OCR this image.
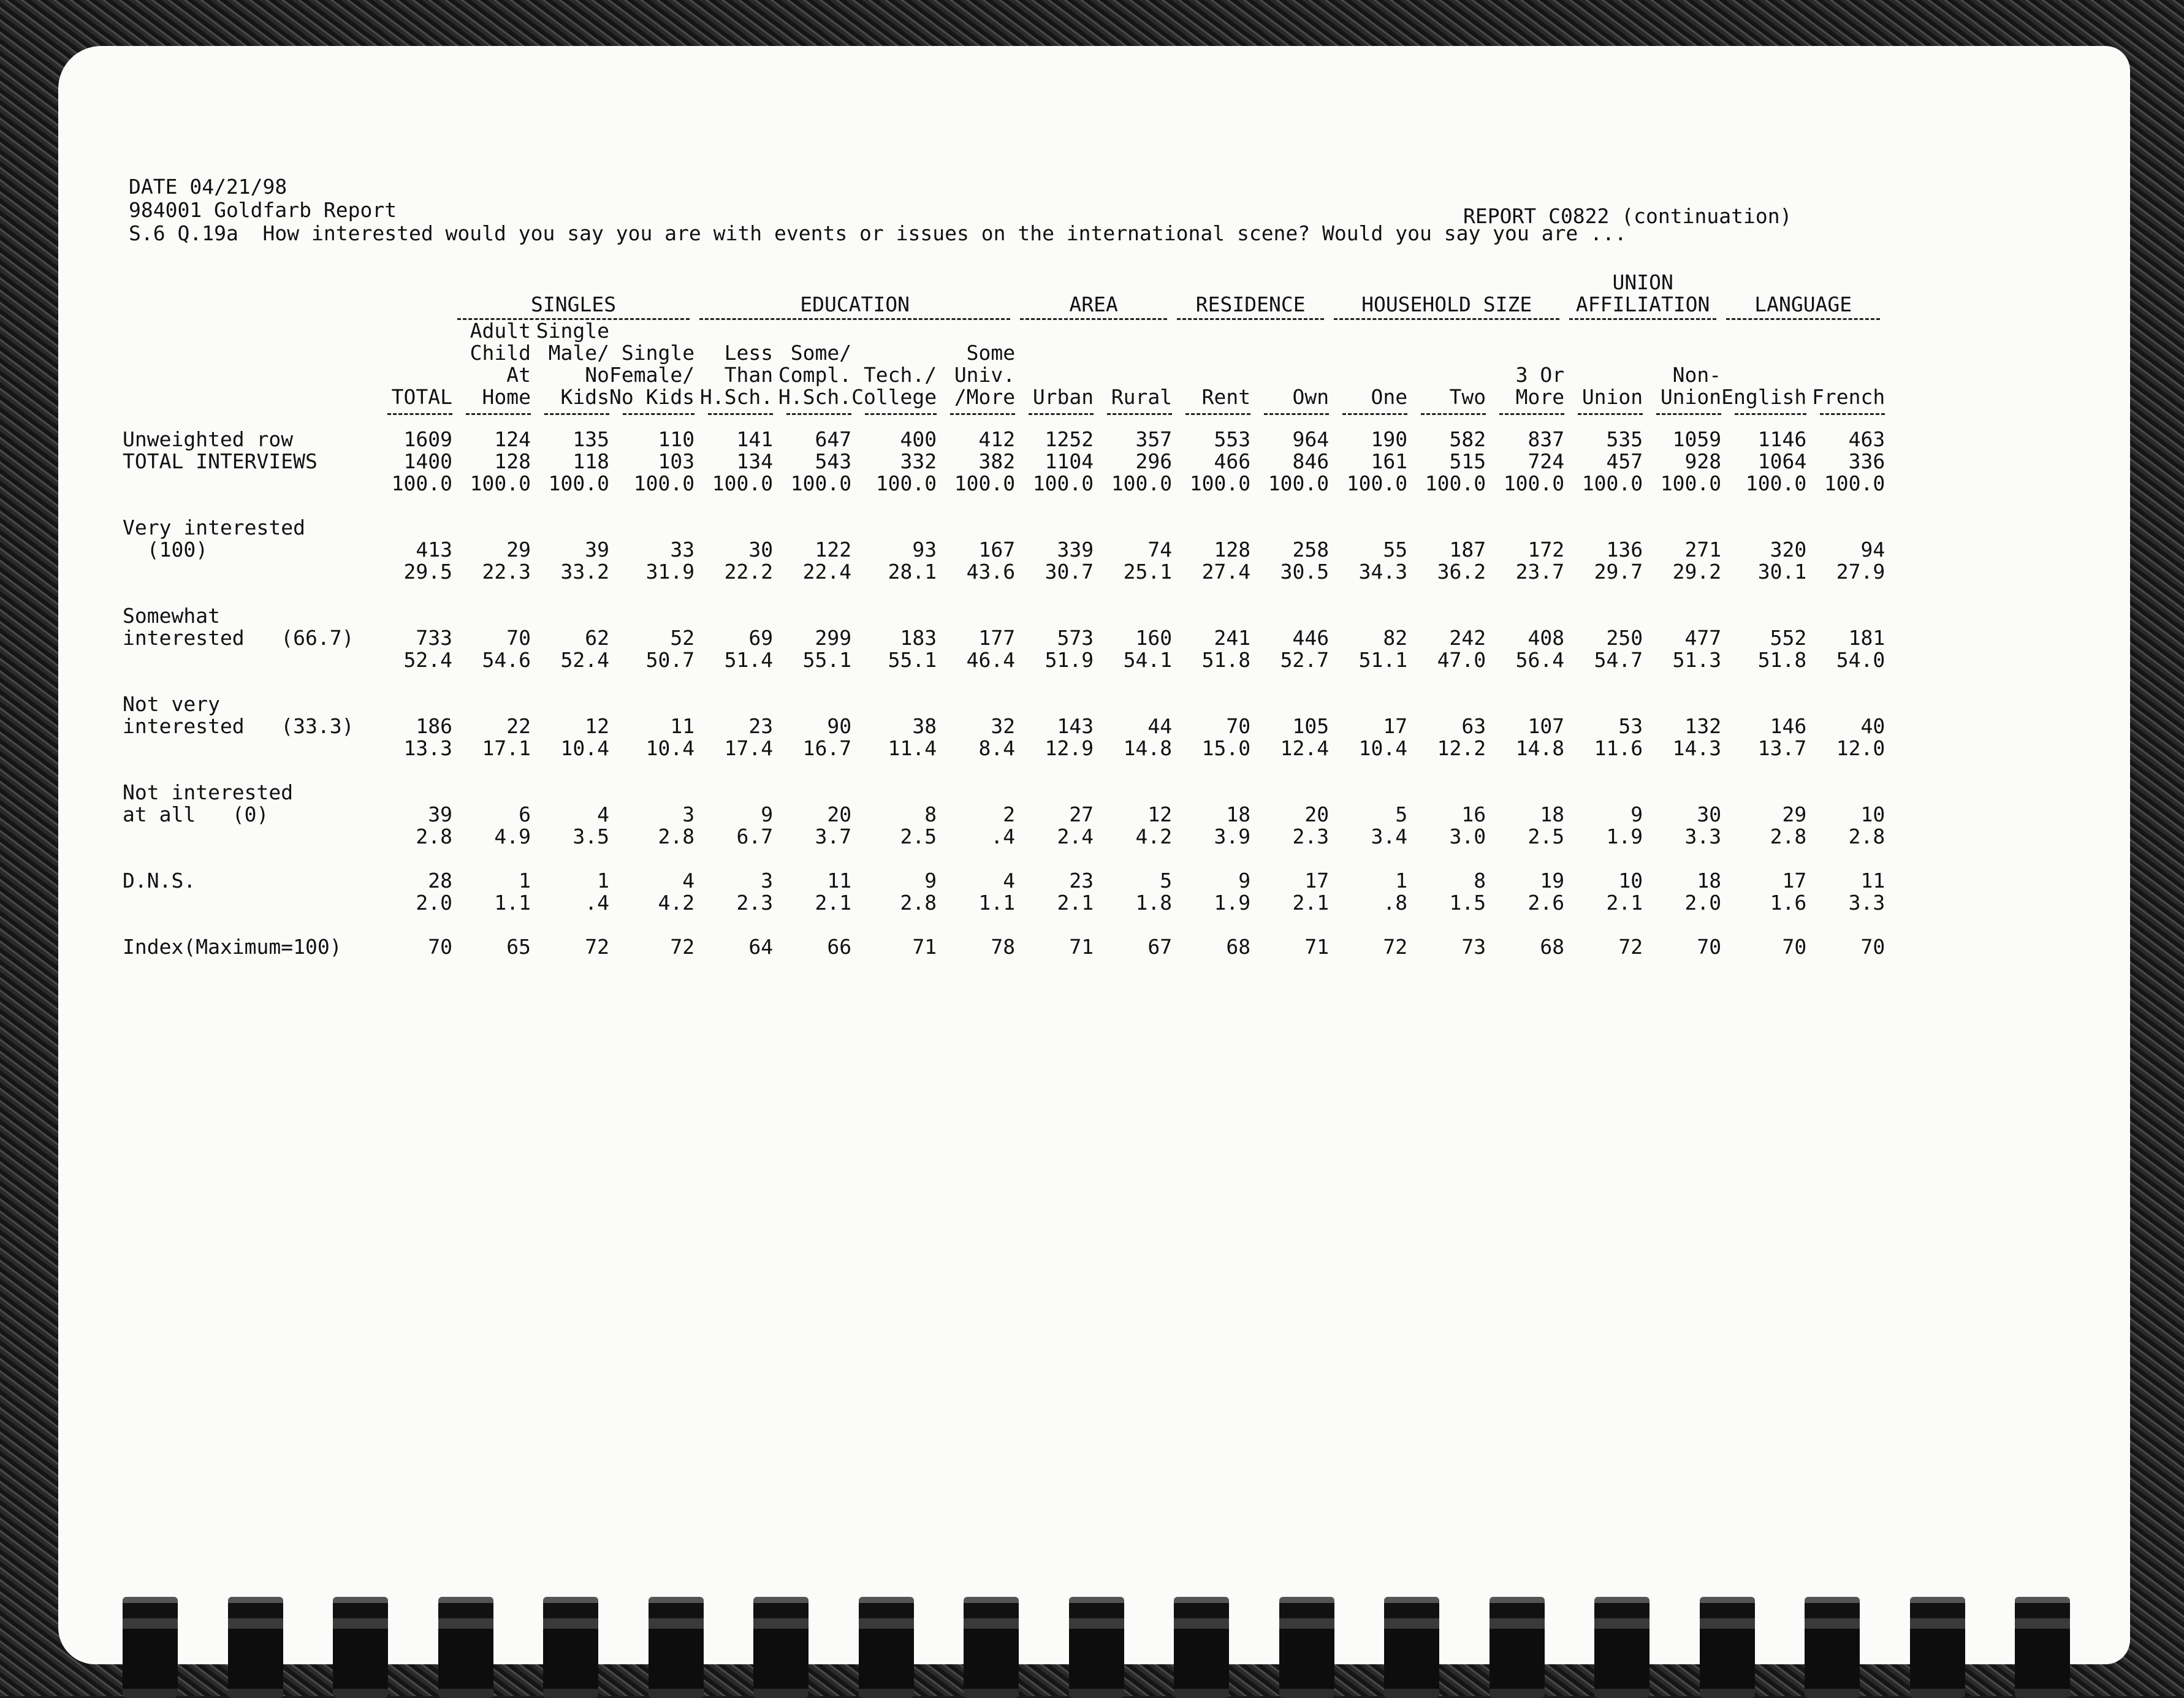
DATE 04/21/98
984001 Goldfarb Report
S.6 Q.19a  How interested would you say you are with events or issues on the international scene? Would you say you are ...
REPORT C0822 (continuation)
		SINGLES			EDUCATION				AREA		RESIDENCE		HOUSEHOLD SIZE			UNION
AFFILIATION		LANGUAGE	

	TOTAL	Adult
Child
At Home	Single
Male/
No Kids	Single
Female/
No Kids	Less
Than
H.Sch.	Some/
Compl.
H.Sch.	Tech./
College	Some
Univ.
/More	Urban	Rural	Rent	Own	One	Two	3 Or
More	Union	Non-
Union	English	French

Unweighted row	1609	124	135	110	141	647	400	412	1252	357	553	964	190	582	837	535	1059	1146	463
TOTAL INTERVIEWS	1400	128	118	103	134	543	332	382	1104	296	466	846	161	515	724	457	928	1064	336
	100.0	100.0	100.0	100.0	100.0	100.0	100.0	100.0	100.0	100.0	100.0	100.0	100.0	100.0	100.0	100.0	100.0	100.0	100.0

Very interested																			
(100)	413	29	39	33	30	122	93	167	339	74	128	258	55	187	172	136	271	320	94
	29.5	22.3	33.2	31.9	22.2	22.4	28.1	43.6	30.7	25.1	27.4	30.5	34.3	36.2	23.7	29.7	29.2	30.1	27.9

Somewhat																			
interested   (66.7)	733	70	62	52	69	299	183	177	573	160	241	446	82	242	408	250	477	552	181
	52.4	54.6	52.4	50.7	51.4	55.1	55.1	46.4	51.9	54.1	51.8	52.7	51.1	47.0	56.4	54.7	51.3	51.8	54.0

Not very																			
interested   (33.3)	186	22	12	11	23	90	38	32	143	44	70	105	17	63	107	53	132	146	40
	13.3	17.1	10.4	10.4	17.4	16.7	11.4	8.4	12.9	14.8	15.0	12.4	10.4	12.2	14.8	11.6	14.3	13.7	12.0

Not interested																			
at all   (0)	39	6	4	3	9	20	8	2	27	12	18	20	5	16	18	9	30	29	10
	2.8	4.9	3.5	2.8	6.7	3.7	2.5	.4	2.4	4.2	3.9	2.3	3.4	3.0	2.5	1.9	3.3	2.8	2.8

D.N.S.	28	1	1	4	3	11	9	4	23	5	9	17	1	8	19	10	18	17	11
	2.0	1.1	.4	4.2	2.3	2.1	2.8	1.1	2.1	1.8	1.9	2.1	.8	1.5	2.6	2.1	2.0	1.6	3.3

Index(Maximum=100)	70	65	72	72	64	66	71	78	71	67	68	71	72	73	68	72	70	70	70
